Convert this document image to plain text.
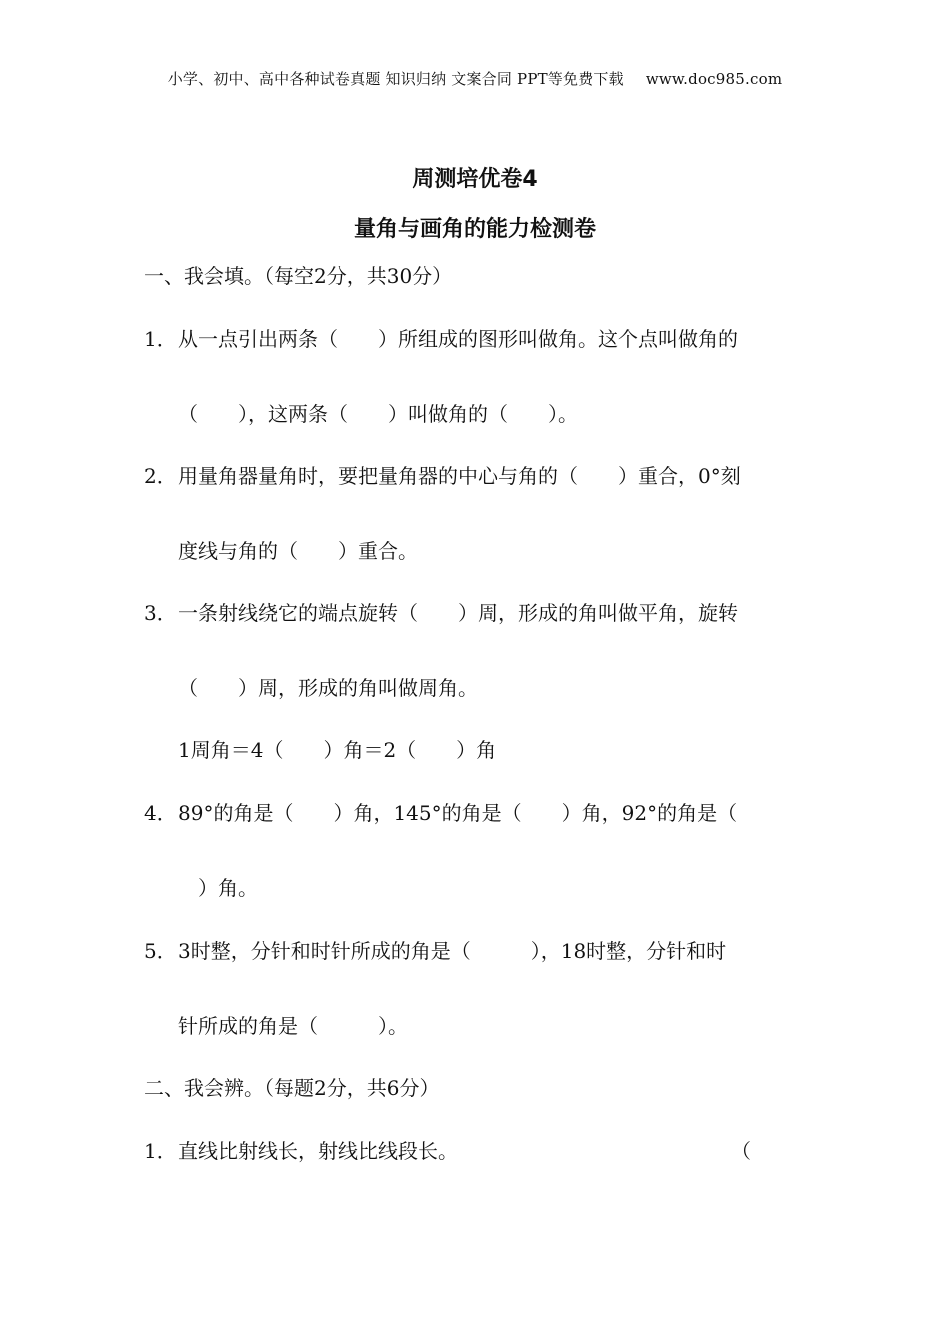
小学、初中、高中各种试卷真题 知识归纳 文案合同 PPT等免费下载 www.doc985.com
周测培优卷4
量角与画角的能力检测卷
一、我会填。（每空2分，共30分）
1．从一点引出两条（　　）所组成的图形叫做角。这个点叫做角的
（　　），这两条（　　）叫做角的（　　）。
2．用量角器量角时，要把量角器的中心与角的（　　）重合，0°刻
度线与角的（　　）重合。
3．一条射线绕它的端点旋转（　　）周，形成的角叫做平角，旋转
（　　）周，形成的角叫做周角。
1周角＝4（　　）角＝2（　　）角
4．89°的角是（　　）角，145°的角是（　　）角，92°的角是（
　）角。
5．3时整，分针和时针所成的角是（　　　），18时整，分针和时
针所成的角是（　　　）。
二、我会辨。（每题2分，共6分）
1．直线比射线长，射线比线段长。	（
